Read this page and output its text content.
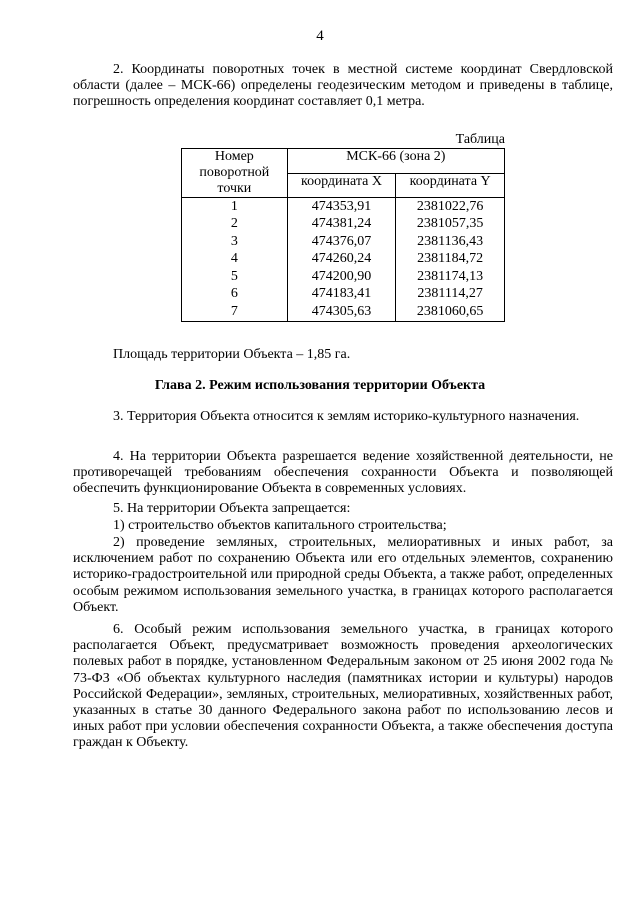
4

2. Координаты поворотных точек в местной системе координат Свердловской области (далее – МСК-66) определены геодезическим методом и приведены в таблице, погрешность определения координат составляет 0,1 метра.

Таблица
Номер поворотной точки	МСК-66 (зона 2)	
	координата X	координата Y
1	474353,91	2381022,76
2	474381,24	2381057,35
3	474376,07	2381136,43
4	474260,24	2381184,72
5	474200,90	2381174,13
6	474183,41	2381114,27
7	474305,63	2381060,65

Площадь территории Объекта – 1,85 га.

Глава 2. Режим использования территории Объекта

3. Территория Объекта относится к землям историко-культурного назначения.

4. На территории Объекта разрешается ведение хозяйственной деятельности, не противоречащей требованиям обеспечения сохранности Объекта и позволяющей обеспечить функционирование Объекта в современных условиях.

5. На территории Объекта запрещается:

1) строительство объектов капитального строительства;

2) проведение земляных, строительных, мелиоративных и иных работ, за исключением работ по сохранению Объекта или его отдельных элементов, сохранению историко-градостроительной или природной среды Объекта, а также работ, определенных особым режимом использования земельного участка, в границах которого располагается Объект.

6. Особый режим использования земельного участка, в границах которого располагается Объект, предусматривает возможность проведения археологических полевых работ в порядке, установленном Федеральным законом от 25 июня 2002 года № 73-ФЗ «Об объектах культурного наследия (памятниках истории и культуры) народов Российской Федерации», земляных, строительных, мелиоративных, хозяйственных работ, указанных в статье 30 данного Федерального закона работ по использованию лесов и иных работ при условии обеспечения сохранности Объекта, а также обеспечения доступа граждан к Объекту.
